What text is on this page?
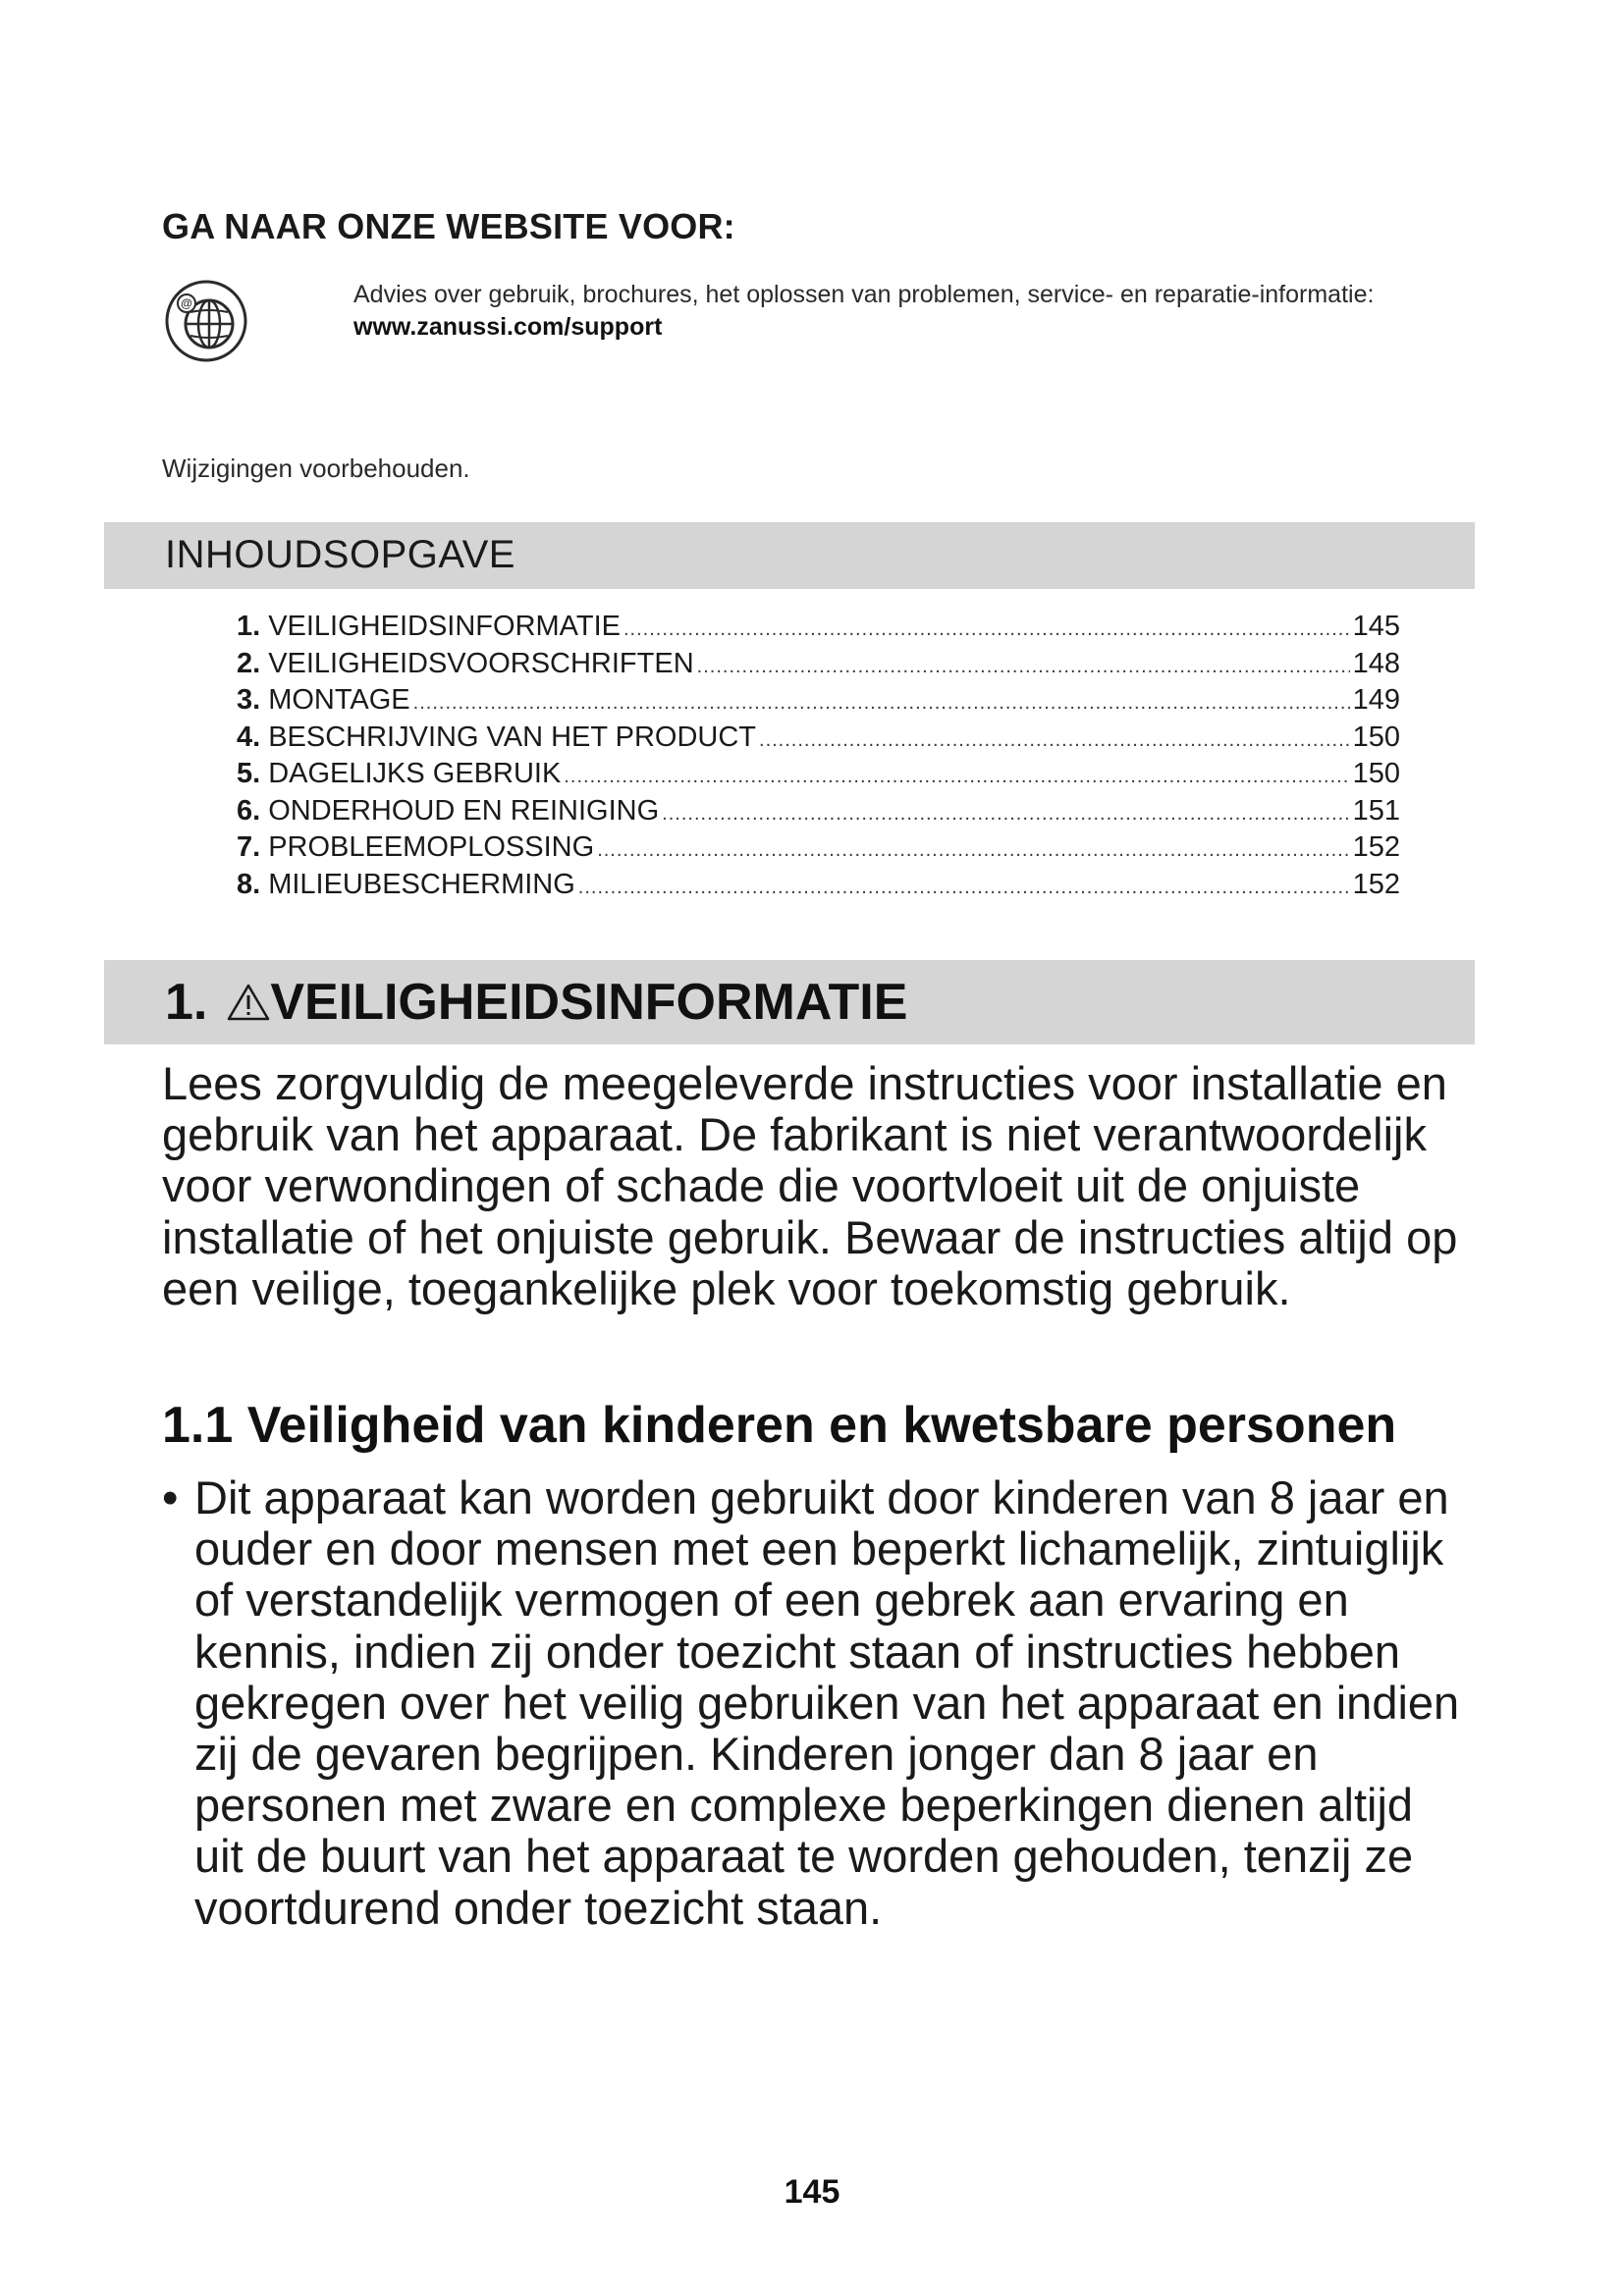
GA NAAR ONZE WEBSITE VOOR:
@	Advies over gebruik, brochures, het oplossen van problemen, service- en reparatie-informatie:
www.zanussi.com/support
Wijzigingen voorbehouden.
INHOUDSOPGAVE
1. VEILIGHEIDSINFORMATIE .....	145
2. VEILIGHEIDSVOORSCHRIFTEN .....	148
3. MONTAGE .....	149
4. BESCHRIJVING VAN HET PRODUCT .....	150
5. DAGELIJKS GEBRUIK .....	150
6. ONDERHOUD EN REINIGING .....	151
7. PROBLEEMOPLOSSING .....	152
8. MILIEUBESCHERMING .....	152
1. VEILIGHEIDSINFORMATIE
Lees zorgvuldig de meegeleverde instructies voor installatie en gebruik van het apparaat. De fabrikant is niet verantwoordelijk voor verwondingen of schade die voortvloeit uit de onjuiste installatie of het onjuiste gebruik. Bewaar de instructies altijd op een veilige, toegankelijke plek voor toekomstig gebruik.
1.1 Veiligheid van kinderen en kwetsbare personen
• Dit apparaat kan worden gebruikt door kinderen van 8 jaar en ouder en door mensen met een beperkt lichamelijk, zintuiglijk of verstandelijk vermogen of een gebrek aan ervaring en kennis, indien zij onder toezicht staan of instructies hebben gekregen over het veilig gebruiken van het apparaat en indien zij de gevaren begrijpen. Kinderen jonger dan 8 jaar en personen met zware en complexe beperkingen dienen altijd uit de buurt van het apparaat te worden gehouden, tenzij ze voortdurend onder toezicht staan.
145
